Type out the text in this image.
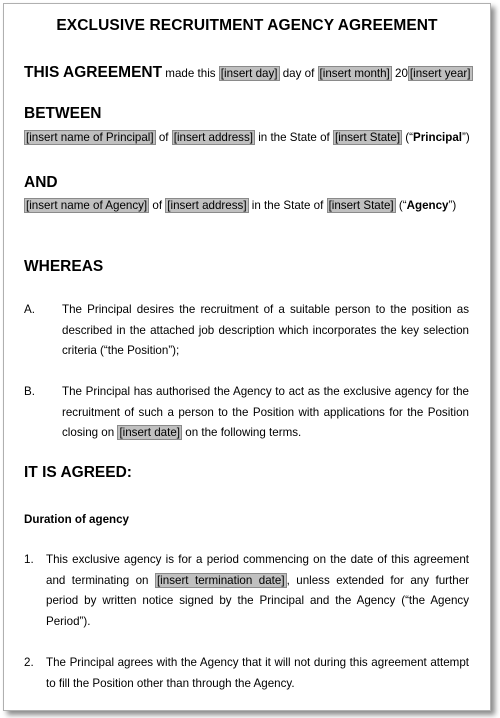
EXCLUSIVE RECRUITMENT AGENCY AGREEMENT
THIS AGREEMENT made this [insert day] day of [insert month] 20 [insert year]
BETWEEN
[insert name of Principal] of [insert address] in the State of [insert State] (“Principal”)
AND
[insert name of Agency] of [insert address] in the State of [insert State] (“Agency”)
WHEREAS
A. The Principal desires the recruitment of a suitable person to the position as described in the attached job description which incorporates the key selection criteria (“the Position”);
B. The Principal has authorised the Agency to act as the exclusive agency for the recruitment of such a person to the Position with applications for the Position closing on [insert date] on the following terms.
IT IS AGREED:
Duration of agency
1. This exclusive agency is for a period commencing on the date of this agreement and terminating on [insert termination date] , unless extended for any further period by written notice signed by the Principal and the Agency (“the Agency Period”).
2. The Principal agrees with the Agency that it will not during this agreement attempt to fill the Position other than through the Agency.
